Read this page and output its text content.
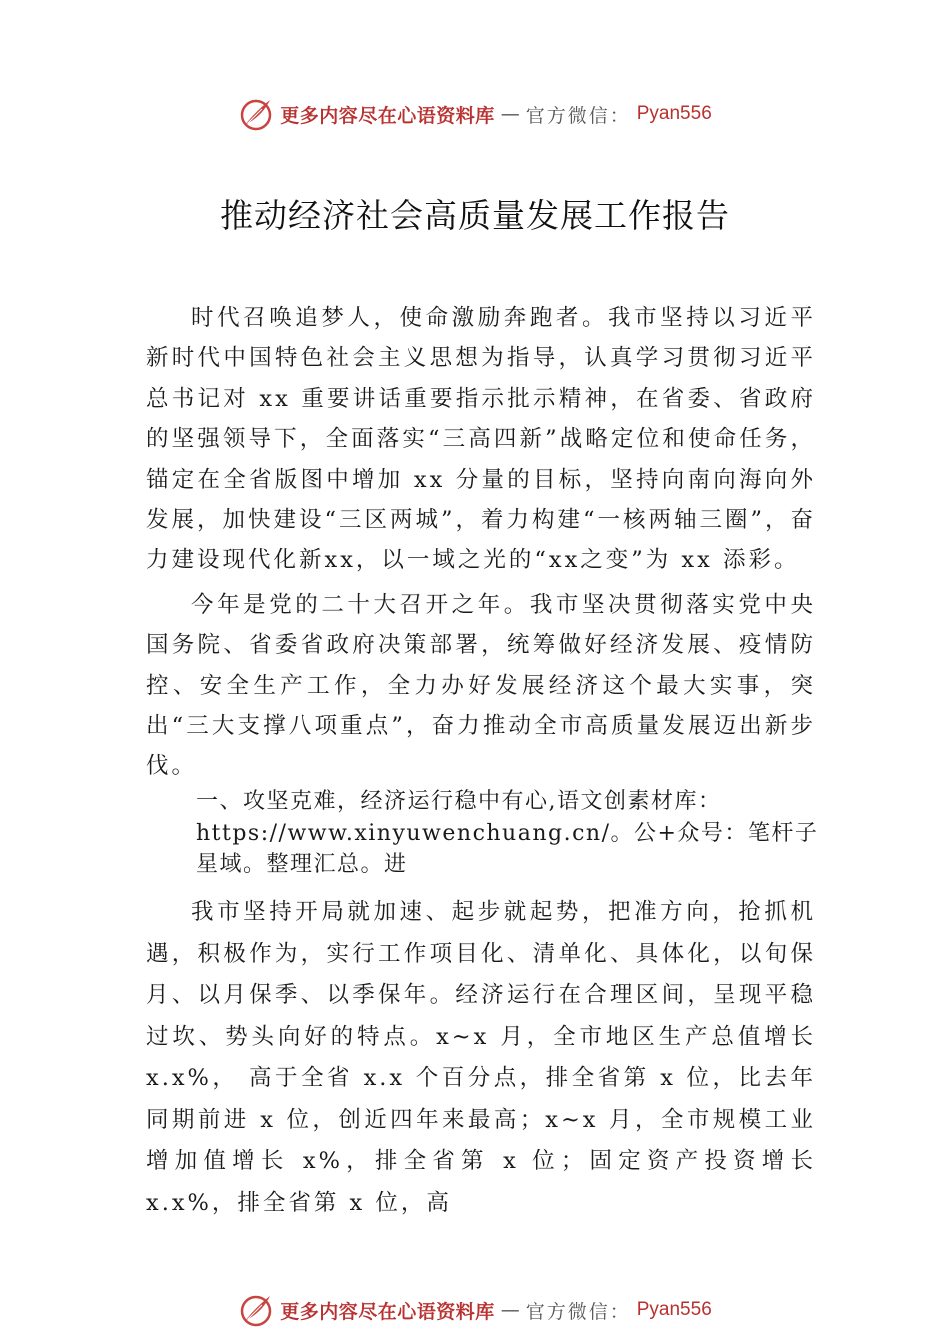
更多内容尽在心语资料库 — 官方微信： Pyan556
推动经济社会高质量发展工作报告

时代召唤追梦人，使命激励奔跑者。我市坚持以习近平新时代中国特色社会主义思想为指导，认真学习贯彻习近平总书记对 xx 重要讲话重要指示批示精神，在省委、省政府的坚强领导下，全面落实“三高四新”战略定位和使命任务，锚定在全省版图中增加 xx 分量的目标，坚持向南向海向外发展，加快建设“三区两城”，着力构建“一核两轴三圈”，奋力建设现代化新xx，以一域之光的“xx之变”为 xx 添彩。

今年是党的二十大召开之年。我市坚决贯彻落实党中央国务院、省委省政府决策部署，统筹做好经济发展、疫情防控、安全生产工作，全力办好发展经济这个最大实事，突出“三大支撑八项重点”，奋力推动全市高质量发展迈出新步伐。

一、攻坚克难，经济运行稳中有心,语文创素材库：https://www.xinyuwenchuang.cn/。公+众号：笔杆子星域。整理汇总。进

我市坚持开局就加速、起步就起势，把准方向，抢抓机遇，积极作为，实行工作项目化、清单化、具体化，以旬保月、以月保季、以季保年。经济运行在合理区间，呈现平稳过坎、势头向好的特点。x~x 月，全市地区生产总值增长 x.x%， 高于全省 x.x 个百分点，排全省第 x 位，比去年同期前进 x 位，创近四年来最高；x~x 月，全市规模工业增加值增长 x%，排全省第 x 位；固定资产投资增长 x.x%，排全省第 x 位，高

更多内容尽在心语资料库 — 官方微信： Pyan556
